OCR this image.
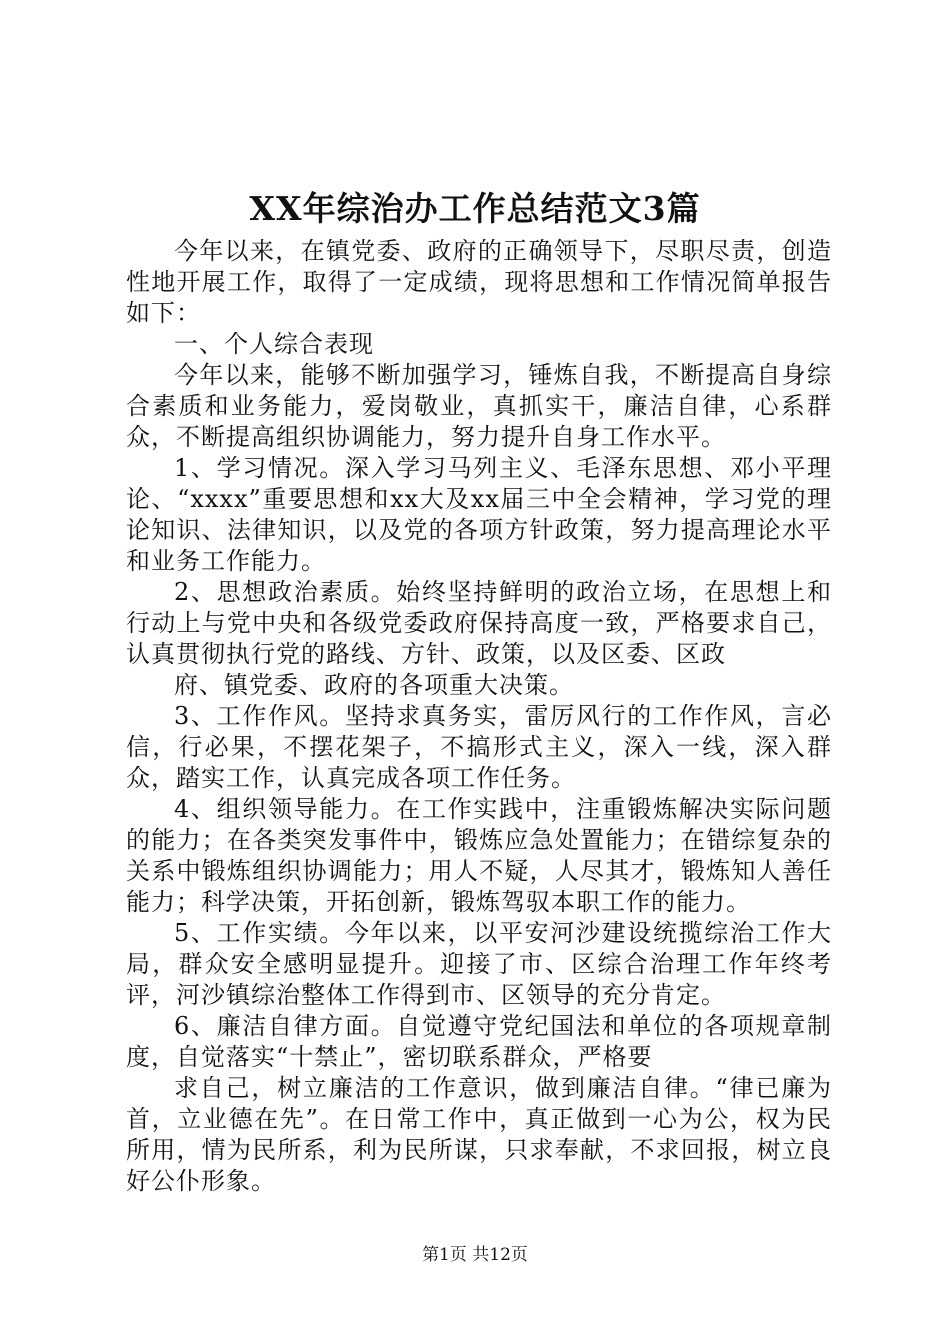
XX年综治办工作总结范文3篇

今年以来，在镇党委、政府的正确领导下，尽职尽责，创造性地开展工作，取得了一定成绩，现将思想和工作情况简单报告如下：

一、个人综合表现

今年以来，能够不断加强学习，锤炼自我，不断提高自身综合素质和业务能力，爱岗敬业，真抓实干，廉洁自律，心系群众，不断提高组织协调能力，努力提升自身工作水平。

1、学习情况。深入学习马列主义、毛泽东思想、邓小平理论、“xxxx”重要思想和xx大及xx届三中全会精神，学习党的理论知识、法律知识，以及党的各项方针政策，努力提高理论水平和业务工作能力。

2、思想政治素质。始终坚持鲜明的政治立场，在思想上和行动上与党中央和各级党委政府保持高度一致，严格要求自己，认真贯彻执行党的路线、方针、政策，以及区委、区政

府、镇党委、政府的各项重大决策。

3、工作作风。坚持求真务实，雷厉风行的工作作风，言必信，行必果，不摆花架子，不搞形式主义，深入一线，深入群众，踏实工作，认真完成各项工作任务。

4、组织领导能力。在工作实践中，注重锻炼解决实际问题的能力；在各类突发事件中，锻炼应急处置能力；在错综复杂的关系中锻炼组织协调能力；用人不疑，人尽其才，锻炼知人善任能力；科学决策，开拓创新，锻炼驾驭本职工作的能力。

5、工作实绩。今年以来，以平安河沙建设统揽综治工作大局，群众安全感明显提升。迎接了市、区综合治理工作年终考评，河沙镇综治整体工作得到市、区领导的充分肯定。

6、廉洁自律方面。自觉遵守党纪国法和单位的各项规章制度，自觉落实“十禁止”，密切联系群众，严格要

求自己，树立廉洁的工作意识，做到廉洁自律。“律已廉为首，立业德在先”。在日常工作中，真正做到一心为公，权为民所用，情为民所系，利为民所谋，只求奉献，不求回报，树立良好公仆形象。

第1页 共12页
